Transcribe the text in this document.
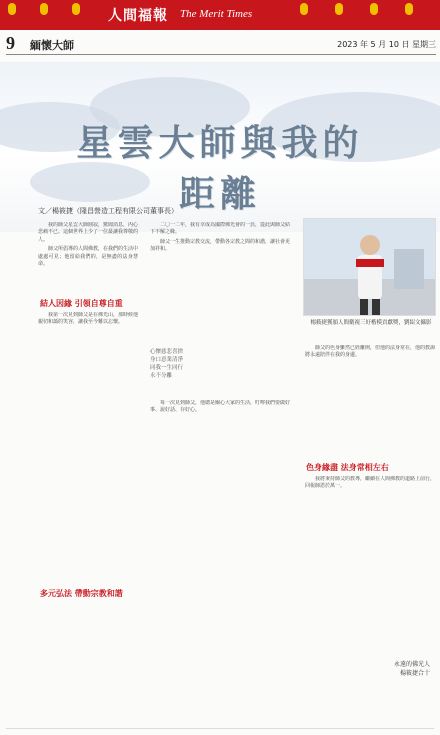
人間福報 The Merit Times
9 緬懷大師	2023 年 5 月 10 日 星期三
星雲大師與我的距離
文／楊筱捷（隆昌營造工程有限公司董事長）
楊筱捷獲頒人間衛視三好楷模貢獻獎，劉紹文攝影

我的師父星雲大師圓寂，驚聞消息，內心悲痛不已。這個世界上少了一位最讓我尊敬的人。

師父所倡導的人間佛教，在我們的生活中處處可見；他留給我們的，是無盡的法身慧命。

結人因緣 引領自尊自重

我第一次見到師父是在佛光山，那時候他親切和藹的笑容，讓我至今難以忘懷。

多元弘法 帶動宗教和諧

二〇一二年，我有幸成為國際佛光會的一員，從此與師父結下不解之緣。

師父一生推動宗教交流，帶動各宗教之間的和諧，讓社會更加祥和。

心懷慈悲喜捨
身口意業清淨
同我一生同行
永不分離

每一次見到師父，他總是關心大家的生活，叮嚀我們要做好事、說好話、存好心。

師父的色身雖然已經離開，但他的法身常在，他的教誨將永遠陪伴在我的身邊。

色身緣盡 法身常相左右

我將秉持師父的教導，繼續在人間佛教的道路上前行，回報師恩於萬一。

永遠的佛光人
楊筱捷合十
